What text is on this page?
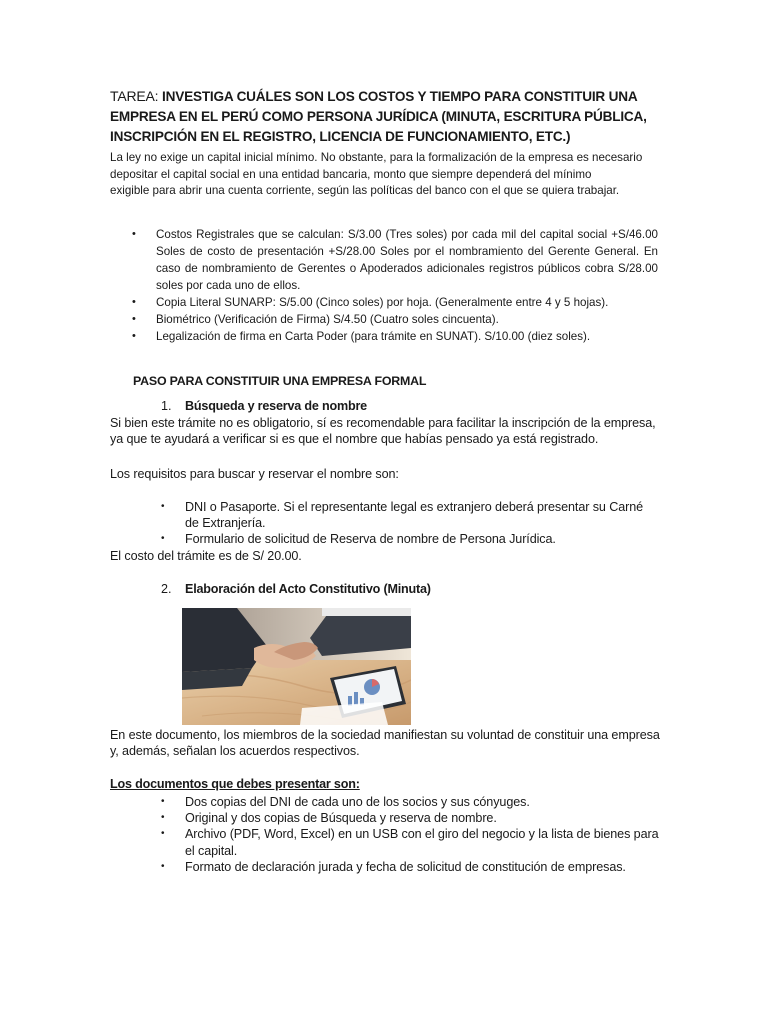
TAREA: INVESTIGA CUÁLES SON LOS COSTOS Y TIEMPO PARA CONSTITUIR UNA
EMPRESA EN EL PERÚ COMO PERSONA JURÍDICA (MINUTA, ESCRITURA PÚBLICA,
INSCRIPCIÓN EN EL REGISTRO, LICENCIA DE FUNCIONAMIENTO, ETC.)
La ley no exige un capital inicial mínimo. No obstante, para la formalización de la empresa es necesario
depositar el capital social en una entidad bancaria, monto que siempre dependerá del mínimo
exigible para abrir una cuenta corriente, según las políticas del banco con el que se quiera trabajar.
• Costos Registrales que se calculan: S/3.00 (Tres soles) por cada mil del capital social +S/46.00 Soles de costo de presentación +S/28.00 Soles por el nombramiento del Gerente General. En caso de nombramiento de Gerentes o Apoderados adicionales registros públicos cobra S/28.00 soles por cada uno de ellos.
• Copia Literal SUNARP: S/5.00 (Cinco soles) por hoja. (Generalmente entre 4 y 5 hojas).
• Biométrico (Verificación de Firma) S/4.50 (Cuatro soles cincuenta).
• Legalización de firma en Carta Poder (para trámite en SUNAT). S/10.00 (diez soles).
PASO PARA CONSTITUIR UNA EMPRESA FORMAL
1. Búsqueda y reserva de nombre
Si bien este trámite no es obligatorio, sí es recomendable para facilitar la inscripción de la empresa, ya que te ayudará a verificar si es que el nombre que habías pensado ya está registrado.
Los requisitos para buscar y reservar el nombre son:
• DNI o Pasaporte. Si el representante legal es extranjero deberá presentar su Carné de Extranjería.
• Formulario de solicitud de Reserva de nombre de Persona Jurídica.
El costo del trámite es de S/ 20.00.
2. Elaboración del Acto Constitutivo (Minuta)
En este documento, los miembros de la sociedad manifiestan su voluntad de constituir una empresa y, además, señalan los acuerdos respectivos.
Los documentos que debes presentar son:
• Dos copias del DNI de cada uno de los socios y sus cónyuges.
• Original y dos copias de Búsqueda y reserva de nombre.
• Archivo (PDF, Word, Excel) en un USB con el giro del negocio y la lista de bienes para el capital.
• Formato de declaración jurada y fecha de solicitud de constitución de empresas.
